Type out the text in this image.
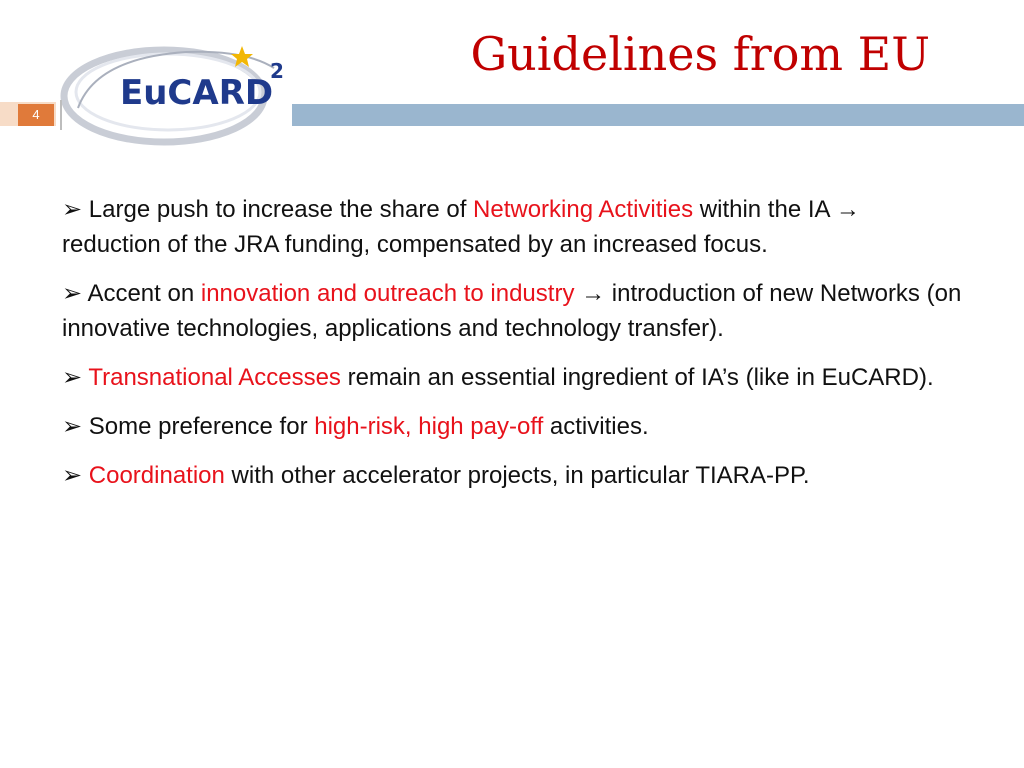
EuCARD
2	Guidelines from EU
4

➢ Large push to increase the share of Networking Activities within the IA → reduction of the JRA funding, compensated by an increased focus.

➢ Accent on innovation and outreach to industry → introduction of new Networks (on innovative technologies, applications and technology transfer).

➢ Transnational Accesses remain an essential ingredient of IA’s (like in EuCARD).

➢ Some preference for high-risk, high pay-off activities.

➢ Coordination with other accelerator projects, in particular TIARA-PP.
